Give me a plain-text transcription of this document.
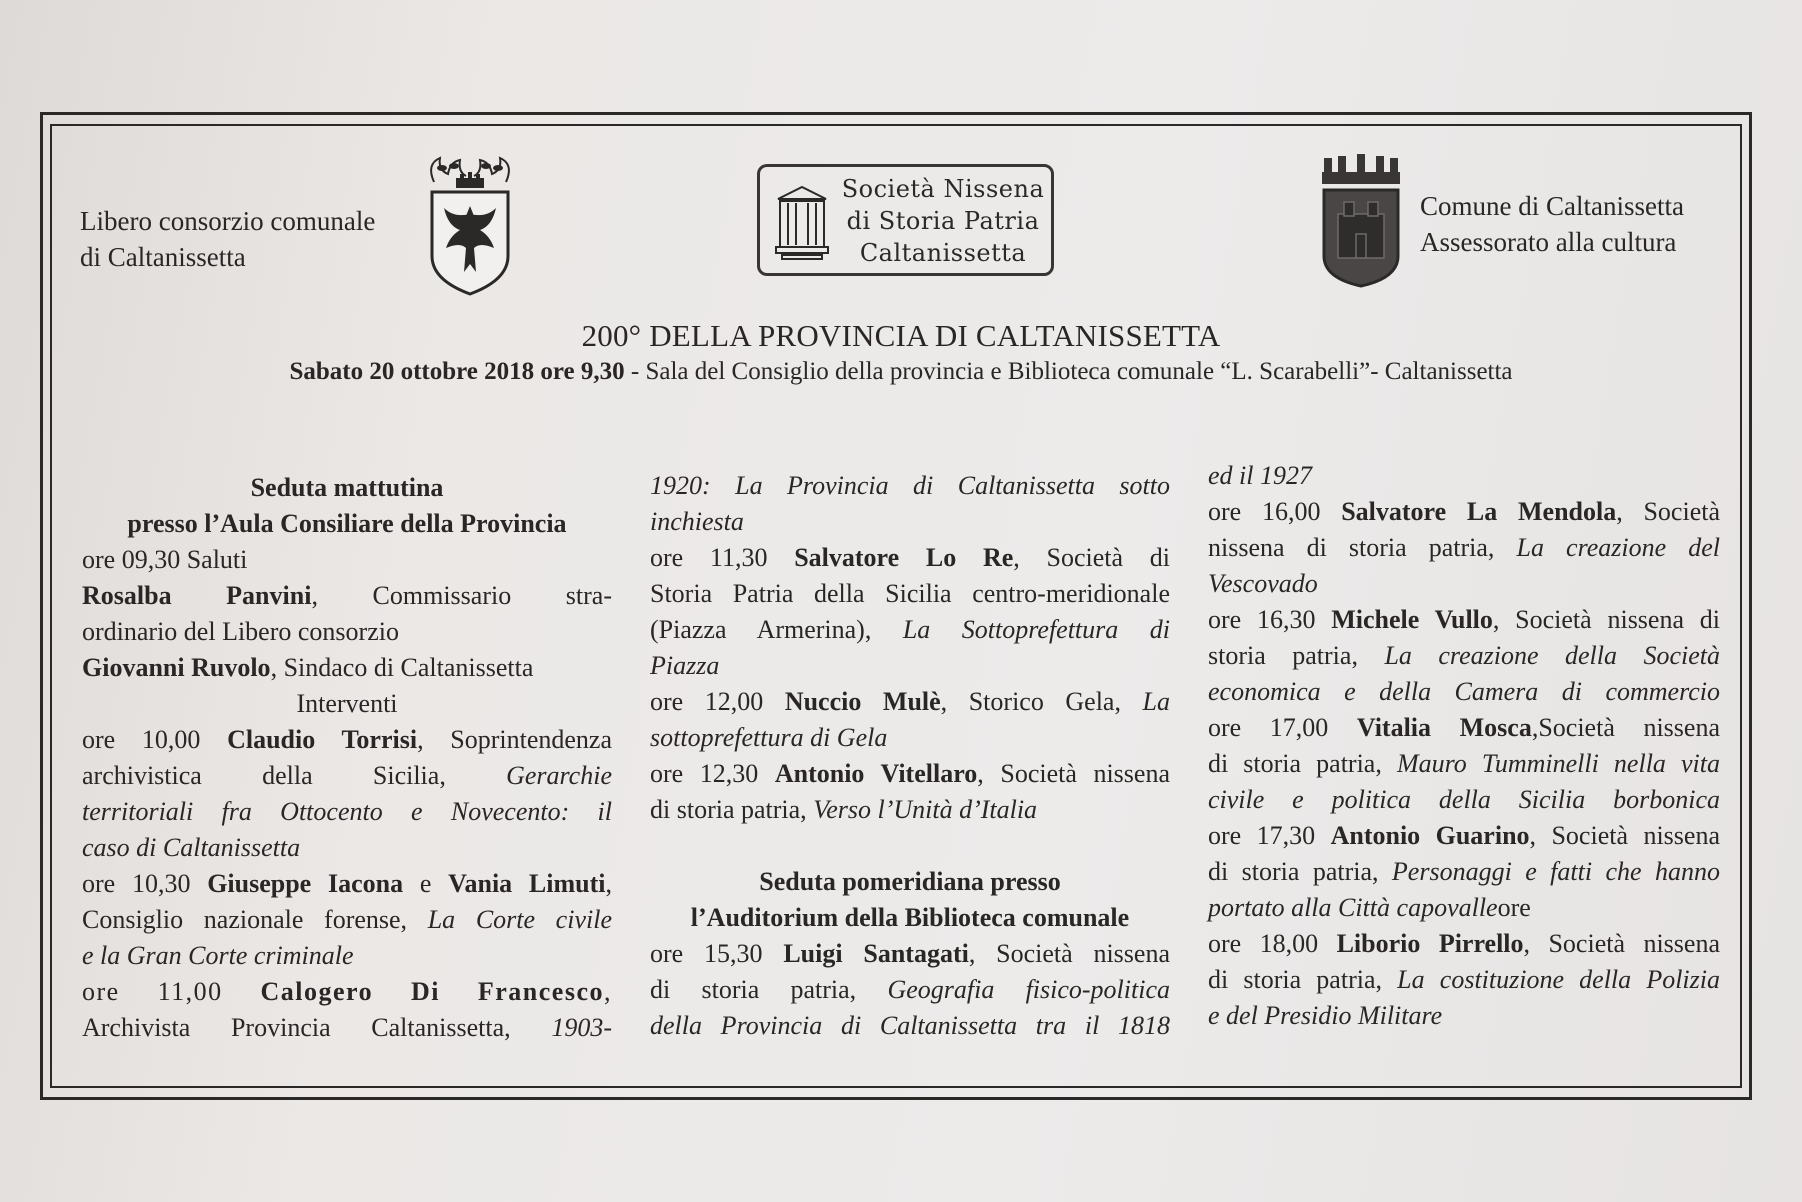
Libero consorzio comunale
di Caltanissetta
Società Nissena
di Storia Patria
Caltanissetta
Comune di Caltanissetta
Assessorato alla cultura
200° DELLA PROVINCIA DI CALTANISSETTA
Sabato 20 ottobre 2018 ore 9,30 - Sala del Consiglio della provincia e Biblioteca comunale “L. Scarabelli”- Caltanissetta

Seduta mattutina

presso l’Aula Consiliare della Provincia

ore 09,30 Saluti

Rosalba Panvini, Commissario stra-

ordinario del Libero consorzio

Giovanni Ruvolo, Sindaco di Caltanissetta

Interventi

ore 10,00 Claudio Torrisi, Soprintendenza

archivistica della Sicilia, Gerarchie

territoriali fra Ottocento e Novecento: il

caso di Caltanissetta

ore 10,30 Giuseppe Iacona e Vania Limuti,

Consiglio nazionale forense, La Corte civile

e la Gran Corte criminale

ore 11,00 Calogero Di Francesco,

Archivista Provincia Caltanissetta, 1903-

1920: La Provincia di Caltanissetta sotto

inchiesta

ore 11,30 Salvatore Lo Re, Società di

Storia Patria della Sicilia centro-meridionale

(Piazza Armerina), La Sottoprefettura di

Piazza

ore 12,00 Nuccio Mulè, Storico Gela, La

sottoprefettura di Gela

ore 12,30 Antonio Vitellaro, Società nissena

di storia patria, Verso l’Unità d’Italia

Seduta pomeridiana presso

l’Auditorium della Biblioteca comunale

ore 15,30 Luigi Santagati, Società nissena

di storia patria, Geografia fisico-politica

della Provincia di Caltanissetta tra il 1818

ed il 1927

ore 16,00 Salvatore La Mendola, Società

nissena di storia patria, La creazione del

Vescovado

ore 16,30 Michele Vullo, Società nissena di

storia patria, La creazione della Società

economica e della Camera di commercio

ore 17,00 Vitalia Mosca,Società nissena

di storia patria, Mauro Tumminelli nella vita

civile e politica della Sicilia borbonica

ore 17,30 Antonio Guarino, Società nissena

di storia patria, Personaggi e fatti che hanno

portato alla Città capovalleore

ore 18,00 Liborio Pirrello, Società nissena

di storia patria, La costituzione della Polizia

e del Presidio Militare
